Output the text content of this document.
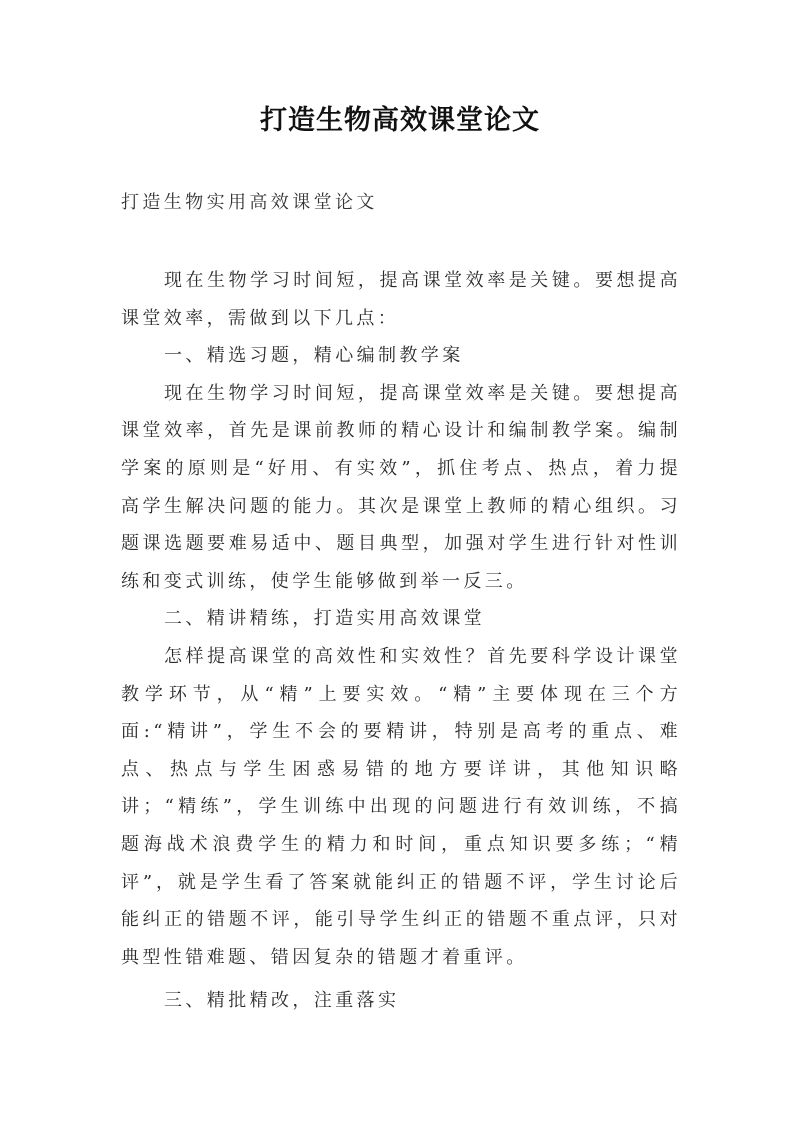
打造生物高效课堂论文
打造生物实用高效课堂论文

现在生物学习时间短，提高课堂效率是关键。要想提高课堂效率，需做到以下几点：

一、精选习题，精心编制教学案

现在生物学习时间短，提高课堂效率是关键。要想提高课堂效率，首先是课前教师的精心设计和编制教学案。编制学案的原则是“好用、有实效”，抓住考点、热点，着力提高学生解决问题的能力。其次是课堂上教师的精心组织。习题课选题要难易适中、题目典型，加强对学生进行针对性训练和变式训练，使学生能够做到举一反三。

二、精讲精练，打造实用高效课堂

怎样提高课堂的高效性和实效性？首先要科学设计课堂教学环节，从“精”上要实效。“精”主要体现在三个方面:“精讲”，学生不会的要精讲，特别是高考的重点、难点、热点与学生困惑易错的地方要详讲，其他知识略讲；“精练”，学生训练中出现的问题进行有效训练，不搞题海战术浪费学生的精力和时间，重点知识要多练；“精评”，就是学生看了答案就能纠正的错题不评，学生讨论后能纠正的错题不评，能引导学生纠正的错题不重点评，只对典型性错难题、错因复杂的错题才着重评。

三、精批精改，注重落实
